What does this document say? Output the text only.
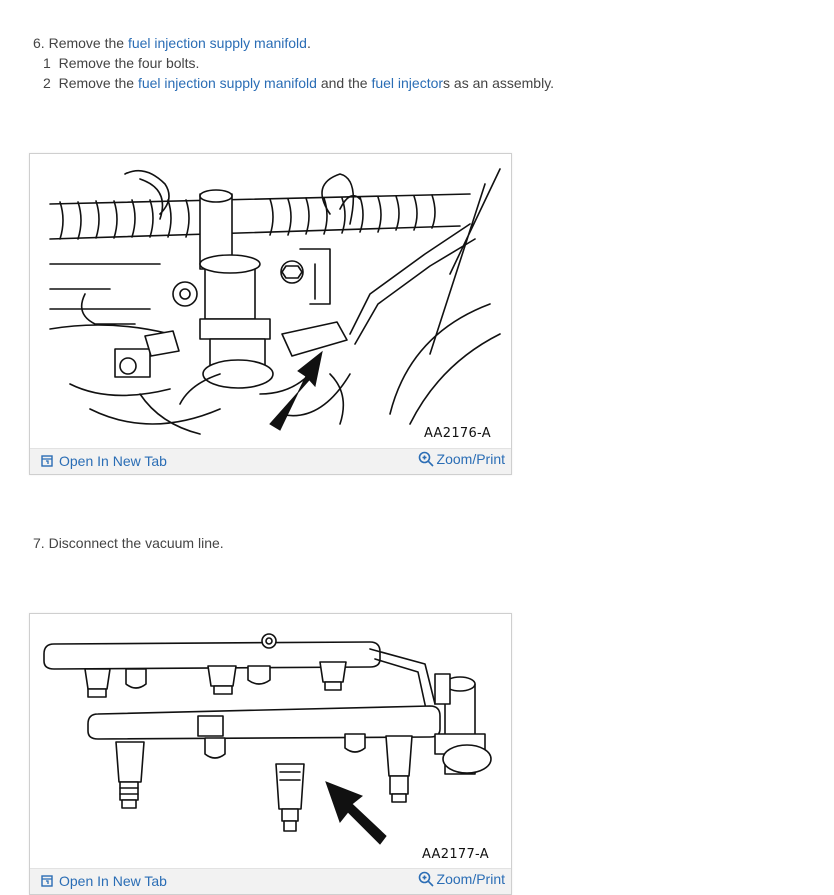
6. Remove the fuel injection supply manifold.
1 Remove the four bolts.
2 Remove the fuel injection supply manifold and the fuel injectors as an assembly.
AA2176-A
Open In New Tab	Zoom/Print
7. Disconnect the vacuum line.
AA2177-A
Open In New Tab	Zoom/Print
